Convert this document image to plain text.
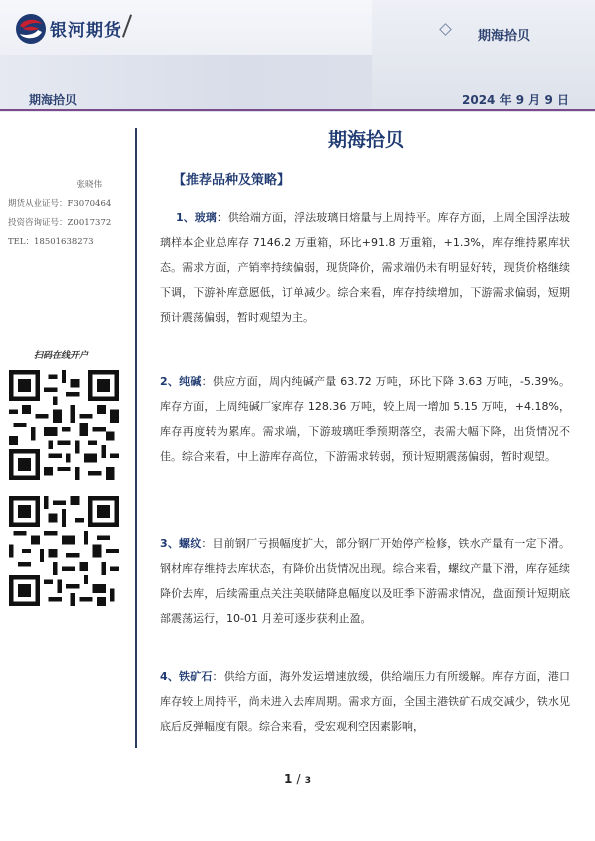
银河期货	期海拾贝
期海拾贝	2024 年 9 月 9 日
张晓伟
期货从业证号：F3070464
投资咨询证号：Z0017372
TEL：18501638273
扫码在线开户
期海拾贝
【推荐品种及策略】
1、玻璃：供给端方面，浮法玻璃日熔量与上周持平。库存方面，上周全国浮法玻璃样本企业总库存 7146.2 万重箱，环比+91.8 万重箱，+1.3%，库存维持累库状态。需求方面，产销率持续偏弱，现货降价，需求端仍未有明显好转，现货价格继续下调，下游补库意愿低，订单减少。综合来看，库存持续增加，下游需求偏弱，短期预计震荡偏弱，暂时观望为主。
2、纯碱：供应方面，周内纯碱产量 63.72 万吨，环比下降 3.63 万吨，-5.39%。库存方面，上周纯碱厂家库存 128.36 万吨，较上周一增加 5.15 万吨，+4.18%，库存再度转为累库。需求端，下游玻璃旺季预期落空，表需大幅下降，出货情况不佳。综合来看，中上游库存高位，下游需求转弱，预计短期震荡偏弱，暂时观望。
3、螺纹：目前钢厂亏损幅度扩大，部分钢厂开始停产检修，铁水产量有一定下滑。钢材库存维持去库状态，有降价出货情况出现。综合来看，螺纹产量下滑，库存延续降价去库，后续需重点关注美联储降息幅度以及旺季下游需求情况，盘面预计短期底部震荡运行，10-01 月差可逐步获利止盈。
4、铁矿石：供给方面，海外发运增速放缓，供给端压力有所缓解。库存方面，港口库存较上周持平，尚未进入去库周期。需求方面，全国主港铁矿石成交减少，铁水见底后反弹幅度有限。综合来看，受宏观利空因素影响，
1 / 3
